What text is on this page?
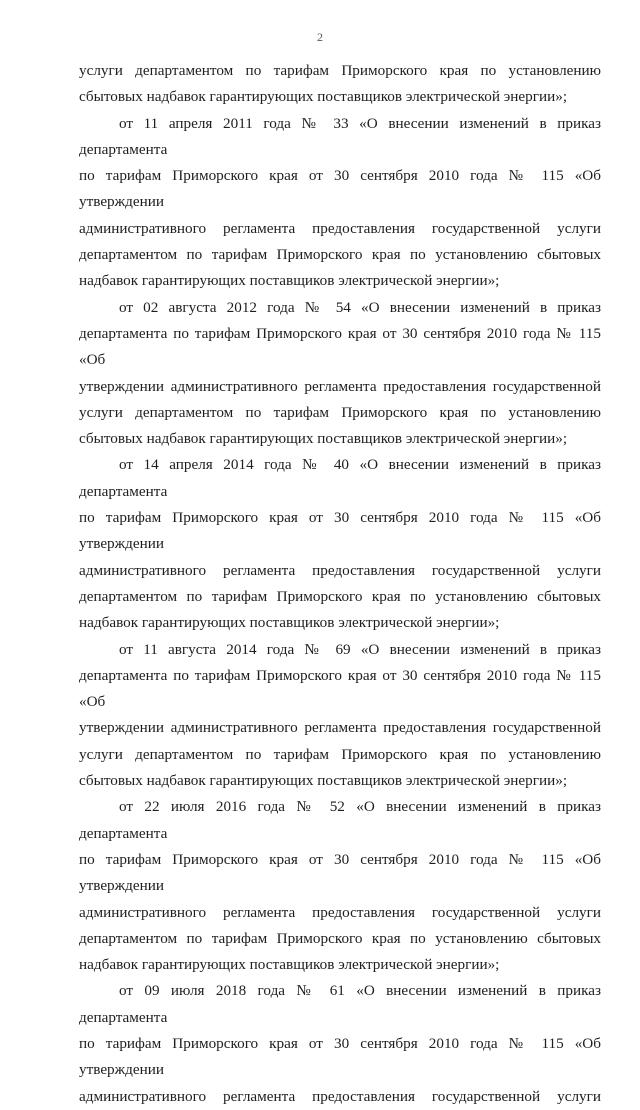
2
услуги департаментом по тарифам Приморского края по установлению
сбытовых надбавок гарантирующих поставщиков электрической энергии»;
от 11 апреля 2011 года № 33 «О внесении изменений в приказ департамента
по тарифам Приморского края от 30 сентября 2010 года № 115 «Об утверждении
административного регламента предоставления государственной услуги
департаментом по тарифам Приморского края по установлению сбытовых
надбавок гарантирующих поставщиков электрической энергии»;
от 02 августа 2012 года № 54 «О внесении изменений в приказ
департамента по тарифам Приморского края от 30 сентября 2010 года № 115 «Об
утверждении административного регламента предоставления государственной
услуги департаментом по тарифам Приморского края по установлению
сбытовых надбавок гарантирующих поставщиков электрической энергии»;
от 14 апреля 2014 года № 40 «О внесении изменений в приказ департамента
по тарифам Приморского края от 30 сентября 2010 года № 115 «Об утверждении
административного регламента предоставления государственной услуги
департаментом по тарифам Приморского края по установлению сбытовых
надбавок гарантирующих поставщиков электрической энергии»;
от 11 августа 2014 года № 69 «О внесении изменений в приказ
департамента по тарифам Приморского края от 30 сентября 2010 года № 115 «Об
утверждении административного регламента предоставления государственной
услуги департаментом по тарифам Приморского края по установлению
сбытовых надбавок гарантирующих поставщиков электрической энергии»;
от 22 июля 2016 года № 52 «О внесении изменений в приказ департамента
по тарифам Приморского края от 30 сентября 2010 года № 115 «Об утверждении
административного регламента предоставления государственной услуги
департаментом по тарифам Приморского края по установлению сбытовых
надбавок гарантирующих поставщиков электрической энергии»;
от 09 июля 2018 года № 61 «О внесении изменений в приказ департамента
по тарифам Приморского края от 30 сентября 2010 года № 115 «Об утверждении
административного регламента предоставления государственной услуги
